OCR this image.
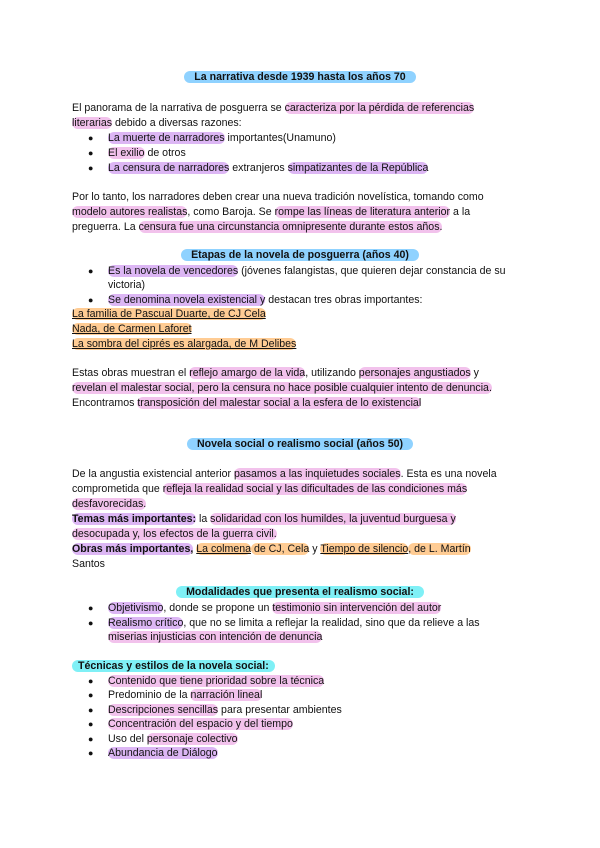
La narrativa desde 1939 hasta los años 70
El panorama de la narrativa de posguerra se caracteriza por la pérdida de referencias
literarias debido a diversas razones:
● La muerte de narradores importantes(Unamuno)
● El exilio de otros
● La censura de narradores extranjeros simpatizantes de la República
Por lo tanto, los narradores deben crear una nueva tradición novelística, tomando como
modelo autores realistas, como Baroja. Se rompe las líneas de literatura anterior a la
preguerra. La censura fue una circunstancia omnipresente durante estos años.
Etapas de la novela de posguerra (años 40)
● Es la novela de vencedores (jóvenes falangistas, que quieren dejar constancia de su
victoria)
● Se denomina novela existencial y destacan tres obras importantes:
La familia de Pascual Duarte, de CJ Cela
Nada, de Carmen Laforet
La sombra del ciprés es alargada, de M Delibes
Estas obras muestran el reflejo amargo de la vida, utilizando personajes angustiados y
revelan el malestar social, pero la censura no hace posible cualquier intento de denuncia.
Encontramos transposición del malestar social a la esfera de lo existencial
Novela social o realismo social (años 50)
De la angustia existencial anterior pasamos a las inquietudes sociales. Esta es una novela
comprometida que refleja la realidad social y las dificultades de las condiciones más
desfavorecidas.
Temas más importantes: la solidaridad con los humildes, la juventud burguesa y
desocupada y, los efectos de la guerra civil.
Obras más importantes, La colmena de CJ, Cela y Tiempo de silencio, de L. Martín
Santos
Modalidades que presenta el realismo social:
● Objetivismo, donde se propone un testimonio sin intervención del autor
● Realismo crítico, que no se limita a reflejar la realidad, sino que da relieve a las
miserias injusticias con intención de denuncia
Técnicas y estilos de la novela social:
● Contenido que tiene prioridad sobre la técnica
● Predominio de la narración lineal
● Descripciones sencillas para presentar ambientes
● Concentración del espacio y del tiempo
● Uso del personaje colectivo
● Abundancia de Diálogo
